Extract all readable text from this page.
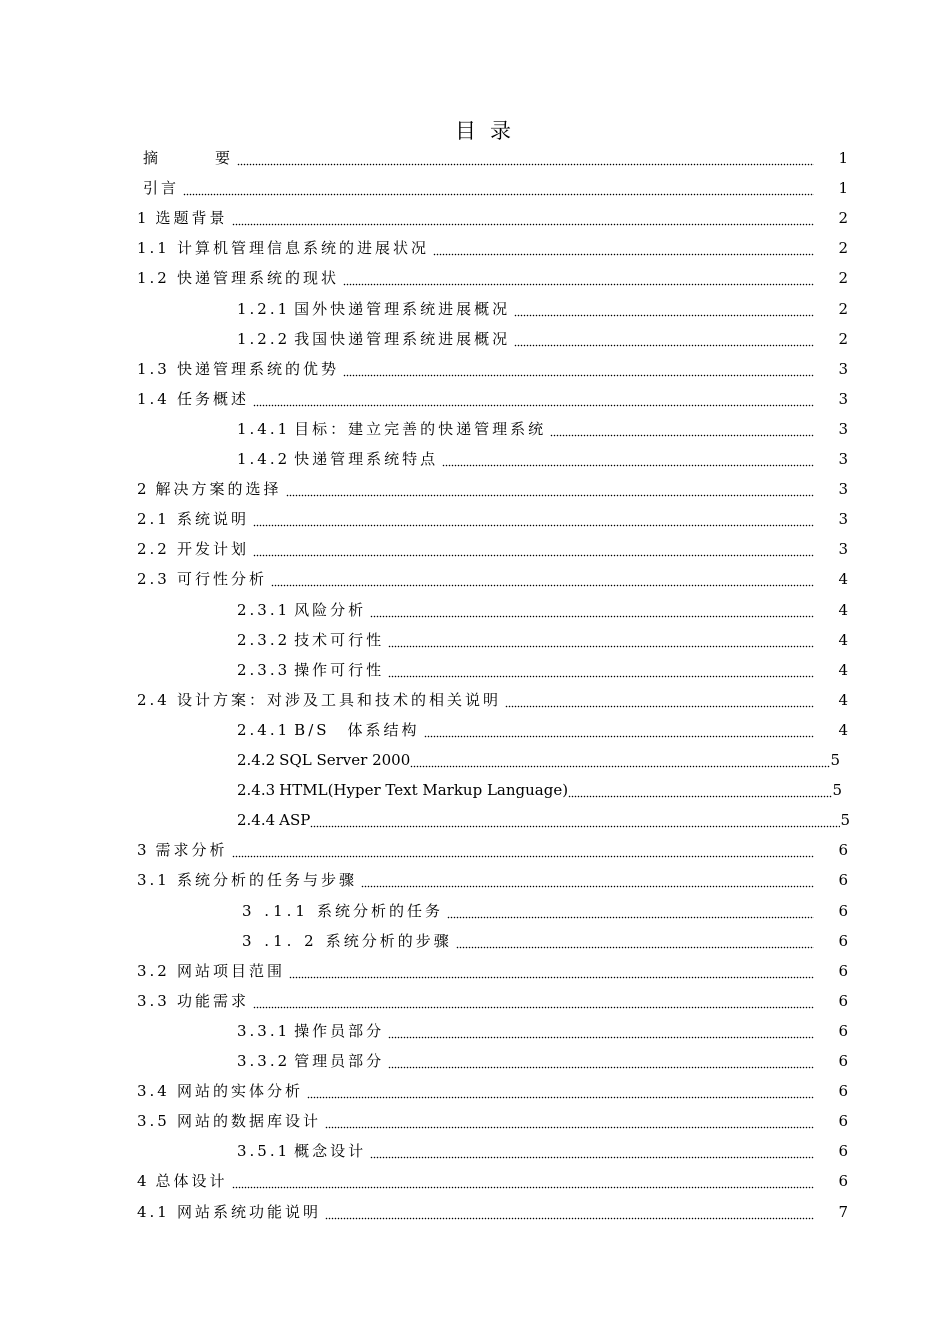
目录
摘　　　要	1
引言	1
1 选题背景	2
1.1 计算机管理信息系统的进展状况	2
1.2 快递管理系统的现状	2
1.2.1 国外快递管理系统进展概况	2
1.2.2 我国快递管理系统进展概况	2
1.3 快递管理系统的优势	3
1.4 任务概述	3
1.4.1 目标：建立完善的快递管理系统	3
1.4.2 快递管理系统特点	3
2 解决方案的选择	3
2.1 系统说明	3
2.2 开发计划	3
2.3 可行性分析	4
2.3.1 风险分析	4
2.3.2 技术可行性	4
2.3.3 操作可行性	4
2.4 设计方案：对涉及工具和技术的相关说明	4
2.4.1 B/S　体系结构	4
2.4.2 SQL Server 2000	5
2.4.3 HTML(Hyper Text Markup Language)	5
2.4.4 ASP	5
3 需求分析	6
3.1 系统分析的任务与步骤	6
3 .1.1 系统分析的任务	6
3 .1. 2 系统分析的步骤	6
3.2 网站项目范围	6
3.3 功能需求	6
3.3.1 操作员部分	6
3.3.2 管理员部分	6
3.4 网站的实体分析	6
3.5 网站的数据库设计	6
3.5.1 概念设计	6
4 总体设计	6
4.1 网站系统功能说明	7
